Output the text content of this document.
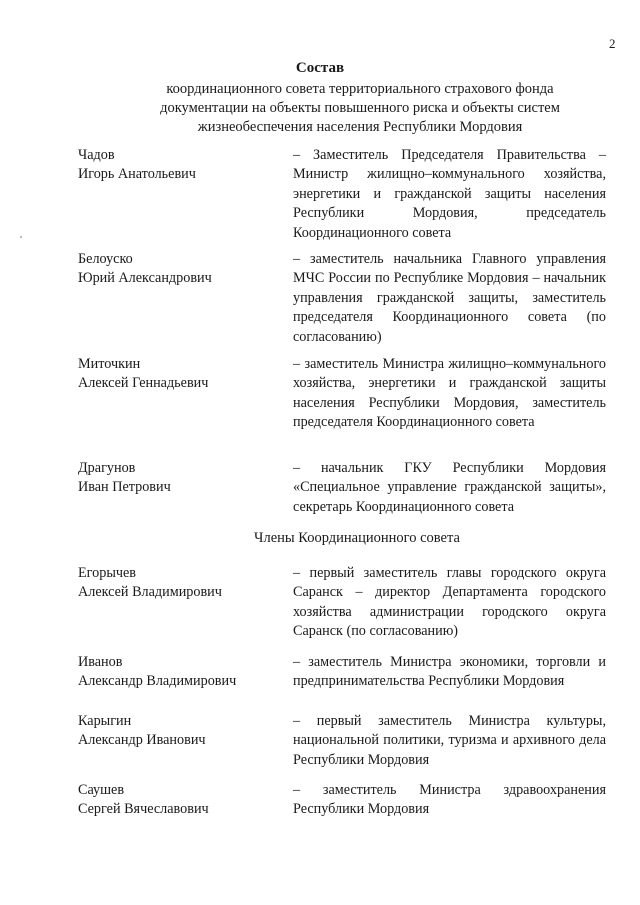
2
Состав
координационного совета территориального страхового фонда
документации на объекты повышенного риска и объекты систем
жизнеобеспечения населения Республики Мордовия
Чадов
Игорь Анатольевич
– Заместитель Председателя Правительства – Министр жилищно–коммунального хозяйства, энергетики и гражданской защиты населения Республики Мордовия, председатель Координационного совета
Белоуско
Юрий Александрович
– заместитель начальника Главного управления МЧС России по Республике Мордовия – начальник управления гражданской защиты, заместитель председателя Координационного совета (по согласованию)
Миточкин
Алексей Геннадьевич
– заместитель Министра жилищно–коммунального хозяйства, энергетики и гражданской защиты населения Республики Мордовия, заместитель председателя Координационного совета
Драгунов
Иван Петрович
– начальник ГКУ Республики Мордовия «Специальное управление гражданской защиты», секретарь Координационного совета
Члены Координационного совета
Егорычев
Алексей Владимирович
– первый заместитель главы городского округа Саранск – директор Департамента городского хозяйства администрации городского округа Саранск (по согласованию)
Иванов
Александр Владимирович
– заместитель Министра экономики, торговли и предпринимательства Республики Мордовия
Карыгин
Александр Иванович
– первый заместитель Министра культуры, национальной политики, туризма и архивного дела Республики Мордовия
Саушев
Сергей Вячеславович
– заместитель Министра здравоохранения Республики Мордовия
